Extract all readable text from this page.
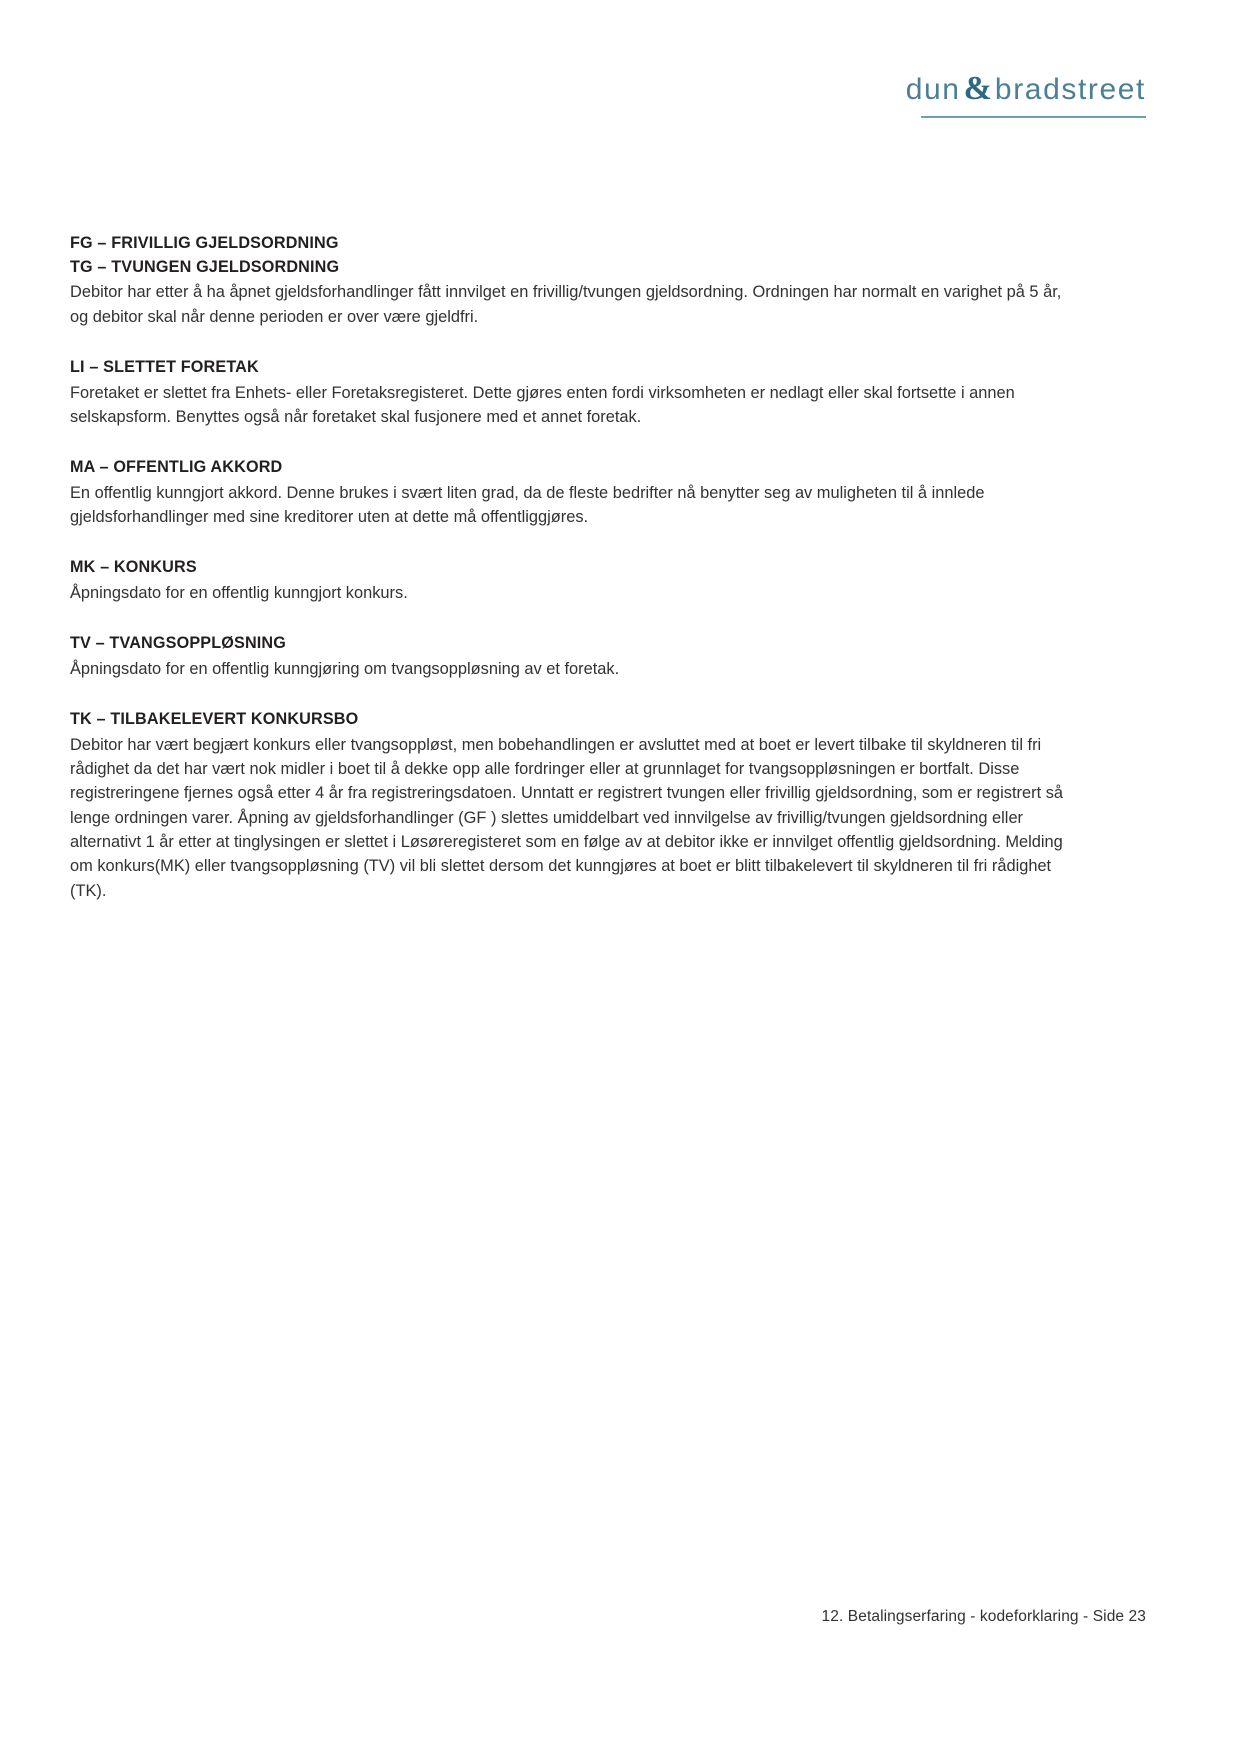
dun & bradstreet
FG – FRIVILLIG GJELDSORDNING
TG – TVUNGEN GJELDSORDNING
Debitor har etter å ha åpnet gjeldsforhandlinger fått innvilget en frivillig/tvungen gjeldsordning. Ordningen har normalt en varighet på 5 år, og debitor skal når denne perioden er over være gjeldfri.
LI – SLETTET FORETAK
Foretaket er slettet fra Enhets- eller Foretaksregisteret. Dette gjøres enten fordi virksomheten er nedlagt eller skal fortsette i annen selskapsform. Benyttes også når foretaket skal fusjonere med et annet foretak.
MA – OFFENTLIG AKKORD
En offentlig kunngjort akkord. Denne brukes i svært liten grad, da de fleste bedrifter nå benytter seg av muligheten til å innlede gjeldsforhandlinger med sine kreditorer uten at dette må offentliggjøres.
MK – KONKURS
Åpningsdato for en offentlig kunngjort konkurs.
TV – TVANGSOPPLØSNING
Åpningsdato for en offentlig kunngjøring om tvangsoppløsning av et foretak.
TK – TILBAKELEVERT KONKURSBO
Debitor har vært begjært konkurs eller tvangsoppløst, men bobehandlingen er avsluttet med at boet er levert tilbake til skyldneren til fri rådighet da det har vært nok midler i boet til å dekke opp alle fordringer eller at grunnlaget for tvangsoppløsningen er bortfalt. Disse registreringene fjernes også etter 4 år fra registreringsdatoen. Unntatt er registrert tvungen eller frivillig gjeldsordning, som er registrert så lenge ordningen varer. Åpning av gjeldsforhandlinger (GF ) slettes umiddelbart ved innvilgelse av frivillig/tvungen gjeldsordning eller alternativt 1 år etter at tinglysingen er slettet i Løsøreregisteret som en følge av at debitor ikke er innvilget offentlig gjeldsordning. Melding om konkurs(MK) eller tvangsoppløsning (TV) vil bli slettet dersom det kunngjøres at boet er blitt tilbakelevert til skyldneren til fri rådighet (TK).
12. Betalingserfaring - kodeforklaring - Side 23
